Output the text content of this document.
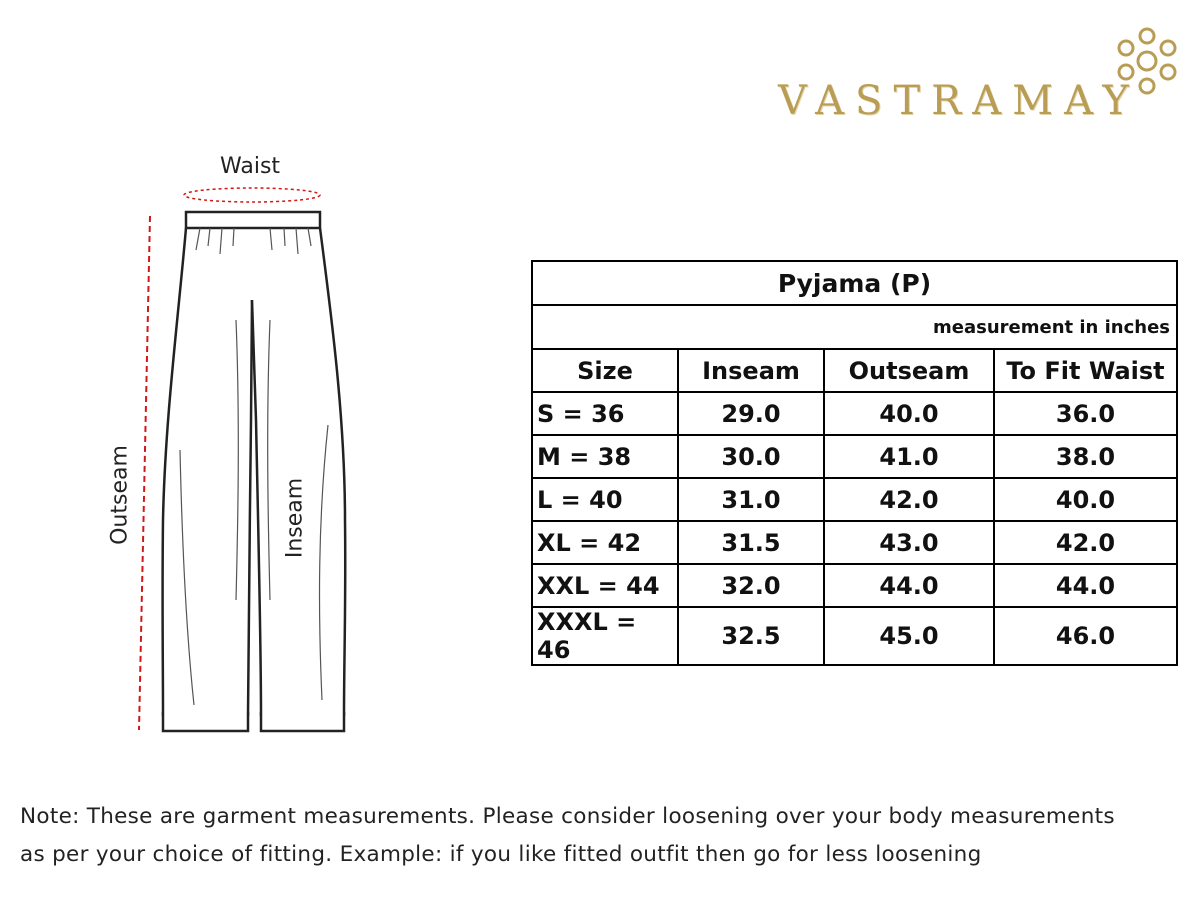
VASTRAMAY
Waist
Outseam	Inseam
Pyjama (P)			
measurement in inches			
Size	Inseam	Outseam	To Fit Waist
S = 36	29.0	40.0	36.0
M = 38	30.0	41.0	38.0
L = 40	31.0	42.0	40.0
XL = 42	31.5	43.0	42.0
XXL = 44	32.0	44.0	44.0
XXXL = 46	32.5	45.0	46.0
Note: These are garment measurements. Please consider loosening over your body measurements
as per your choice of fitting. Example: if you like fitted outfit then go for less loosening
